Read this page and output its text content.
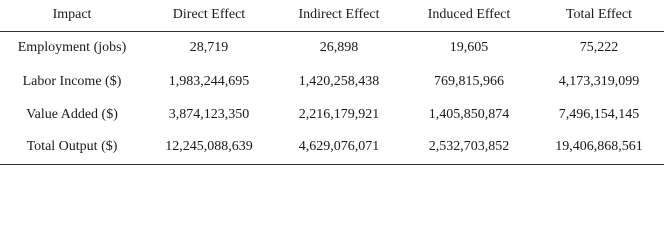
Impact	Direct Effect	Indirect Effect	Induced Effect	Total Effect
Employment (jobs)	28,719	26,898	19,605	75,222
Labor Income ($)	1,983,244,695	1,420,258,438	769,815,966	4,173,319,099
Value Added ($)	3,874,123,350	2,216,179,921	1,405,850,874	7,496,154,145
Total Output ($)	12,245,088,639	4,629,076,071	2,532,703,852	19,406,868,561
